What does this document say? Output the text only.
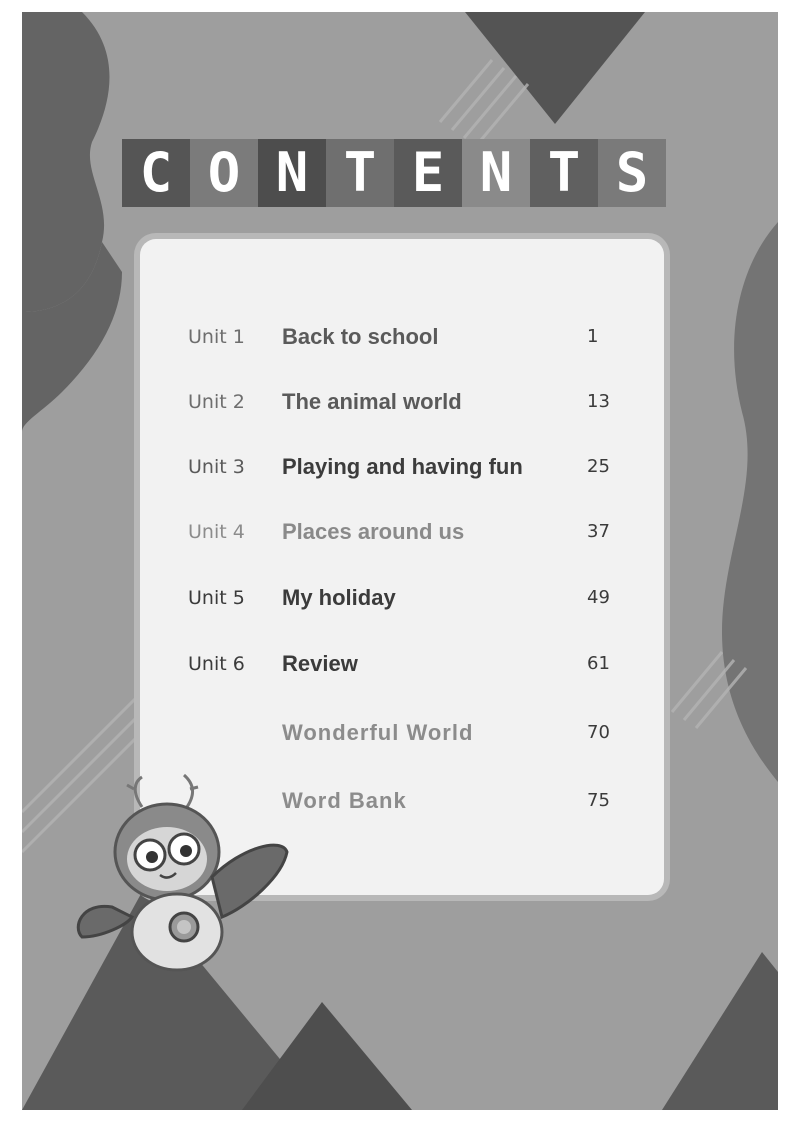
C O N T E N T S
Unit 1 Back to school	1
Unit 2 The animal world	13
Unit 3 Playing and having fun	25
Unit 4 Places around us	37
Unit 5 My holiday	49
Unit 6 Review	61
Wonderful World	70
Word Bank	75
